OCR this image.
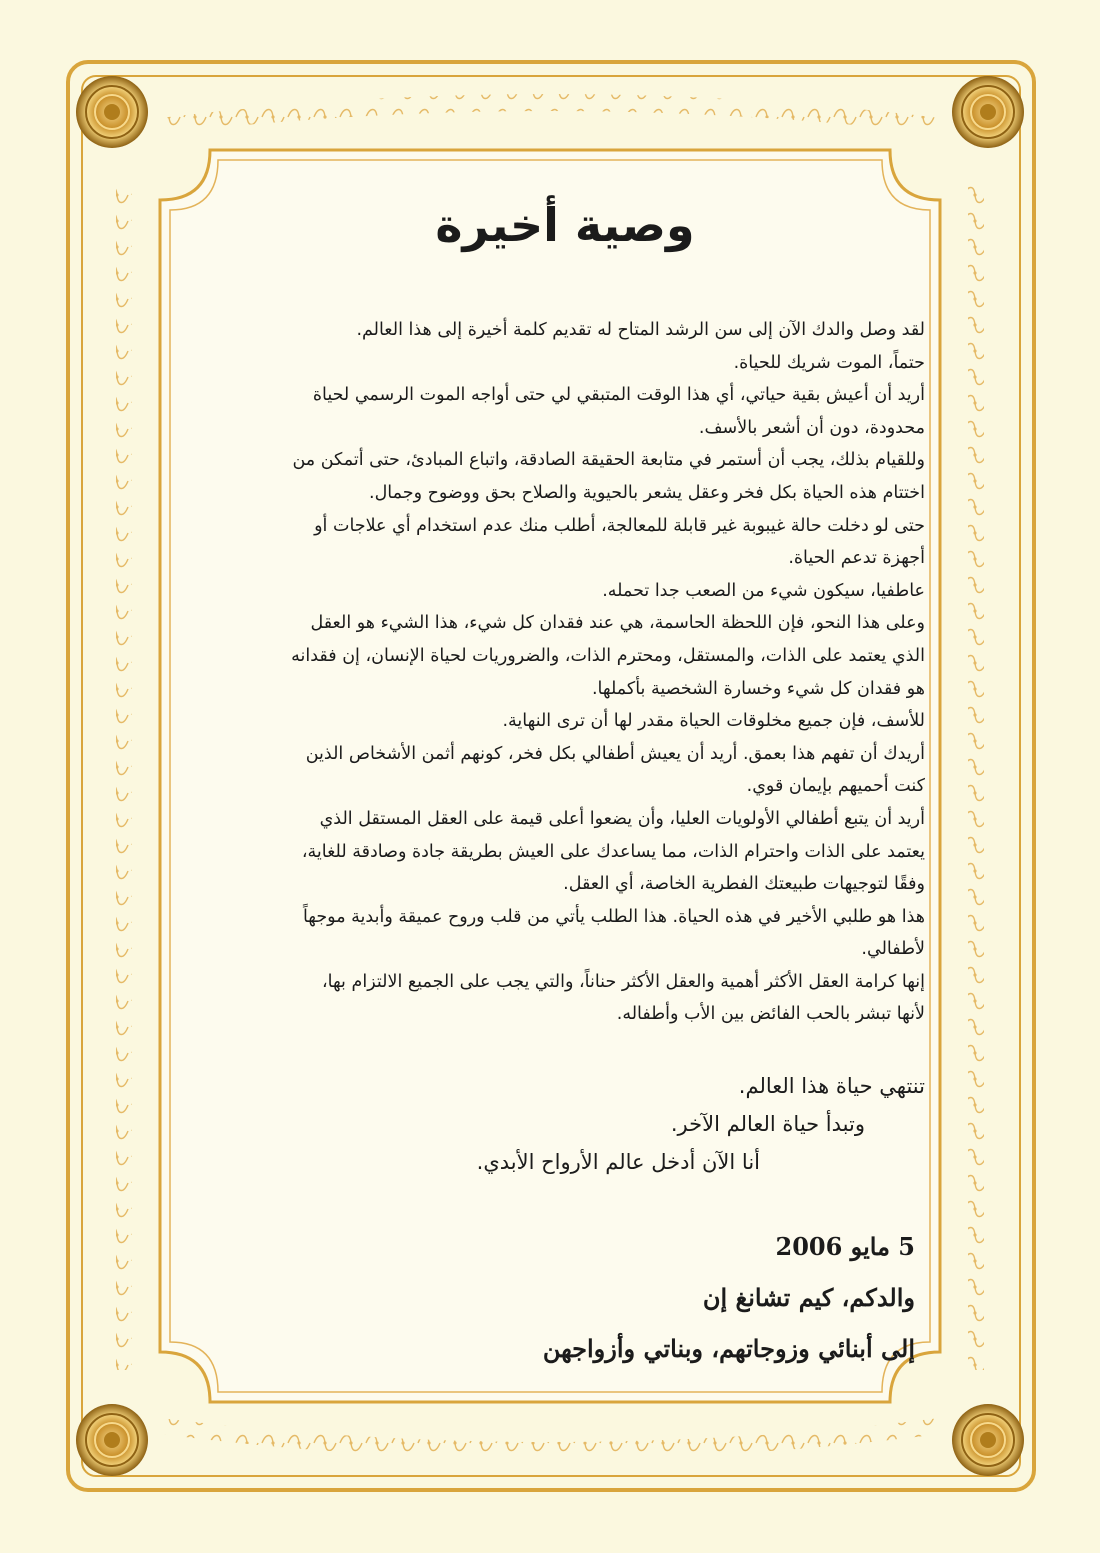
وصية أخيرة

لقد وصل والدك الآن إلى سن الرشد المتاح له تقديم كلمة أخيرة إلى هذا العالم.

حتماً، الموت شريك للحياة.

أريد أن أعيش بقية حياتي، أي هذا الوقت المتبقي لي حتى أواجه الموت الرسمي لحياة

محدودة، دون أن أشعر بالأسف.

وللقيام بذلك، يجب أن أستمر في متابعة الحقيقة الصادقة، واتباع المبادئ، حتى أتمكن من

اختتام هذه الحياة بكل فخر وعقل يشعر بالحيوية والصلاح بحق ووضوح وجمال.

حتى لو دخلت حالة غيبوبة غير قابلة للمعالجة، أطلب منك عدم استخدام أي علاجات أو

أجهزة تدعم الحياة.

عاطفيا، سيكون شيء من الصعب جدا تحمله.

وعلى هذا النحو، فإن اللحظة الحاسمة، هي عند فقدان كل شيء، هذا الشيء هو العقل

الذي يعتمد على الذات، والمستقل، ومحترم الذات، والضروريات لحياة الإنسان، إن فقدانه

هو فقدان كل شيء وخسارة الشخصية بأكملها.

للأسف، فإن جميع مخلوقات الحياة مقدر لها أن ترى النهاية.

أريدك أن تفهم هذا بعمق. أريد أن يعيش أطفالي بكل فخر، كونهم أثمن الأشخاص الذين

كنت أحميهم بإيمان قوي.

أريد أن يتبع أطفالي الأولويات العليا، وأن يضعوا أعلى قيمة على العقل المستقل الذي

يعتمد على الذات واحترام الذات، مما يساعدك على العيش بطريقة جادة وصادقة للغاية،

وفقًا لتوجيهات طبيعتك الفطرية الخاصة، أي العقل.

هذا هو طلبي الأخير في هذه الحياة. هذا الطلب يأتي من قلب وروح عميقة وأبدية موجهاً

لأطفالي.

إنها كرامة العقل الأكثر أهمية والعقل الأكثر حناناً، والتي يجب على الجميع الالتزام بها،

لأنها تبشر بالحب الفائض بين الأب وأطفاله.

تنتهي حياة هذا العالم.
وتبدأ حياة العالم الآخر.
أنا الآن أدخل عالم الأرواح الأبدي.
5 مايو 2006
والدكم، كيم تشانغ إن
إلى أبنائي وزوجاتهم، وبناتي وأزواجهن
